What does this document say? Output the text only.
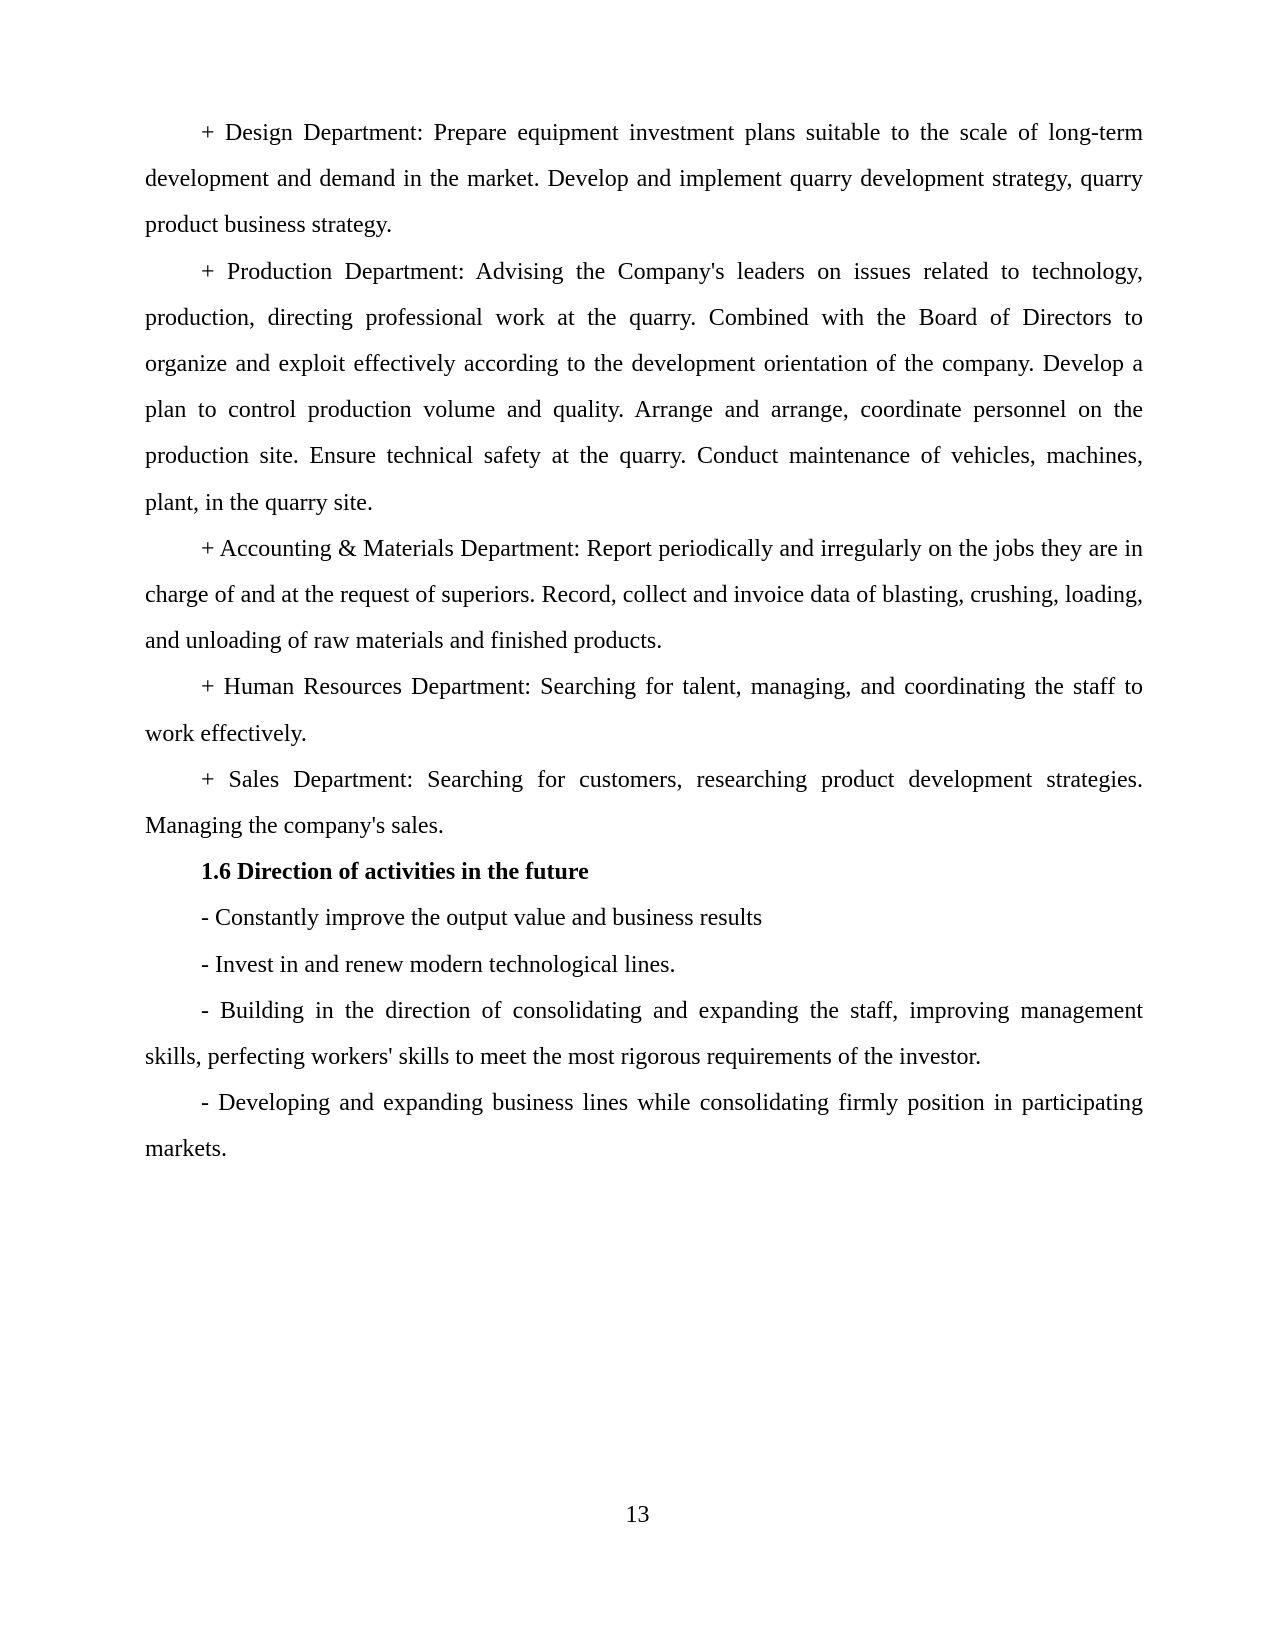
+ Design Department: Prepare equipment investment plans suitable to the scale of long-term development and demand in the market. Develop and implement quarry development strategy, quarry product business strategy.

+ Production Department: Advising the Company's leaders on issues related to technology, production, directing professional work at the quarry. Combined with the Board of Directors to organize and exploit effectively according to the development orientation of the company. Develop a plan to control production volume and quality. Arrange and arrange, coordinate personnel on the production site. Ensure technical safety at the quarry. Conduct maintenance of vehicles, machines, plant, in the quarry site.

+ Accounting & Materials Department: Report periodically and irregularly on the jobs they are in charge of and at the request of superiors. Record, collect and invoice data of blasting, crushing, loading, and unloading of raw materials and finished products.

+ Human Resources Department: Searching for talent, managing, and coordinating the staff to work effectively.

+ Sales Department: Searching for customers, researching product development strategies. Managing the company's sales.

1.6 Direction of activities in the future

- Constantly improve the output value and business results

- Invest in and renew modern technological lines.

- Building in the direction of consolidating and expanding the staff, improving management skills, perfecting workers' skills to meet the most rigorous requirements of the investor.

- Developing and expanding business lines while consolidating firmly position in participating markets.

13
